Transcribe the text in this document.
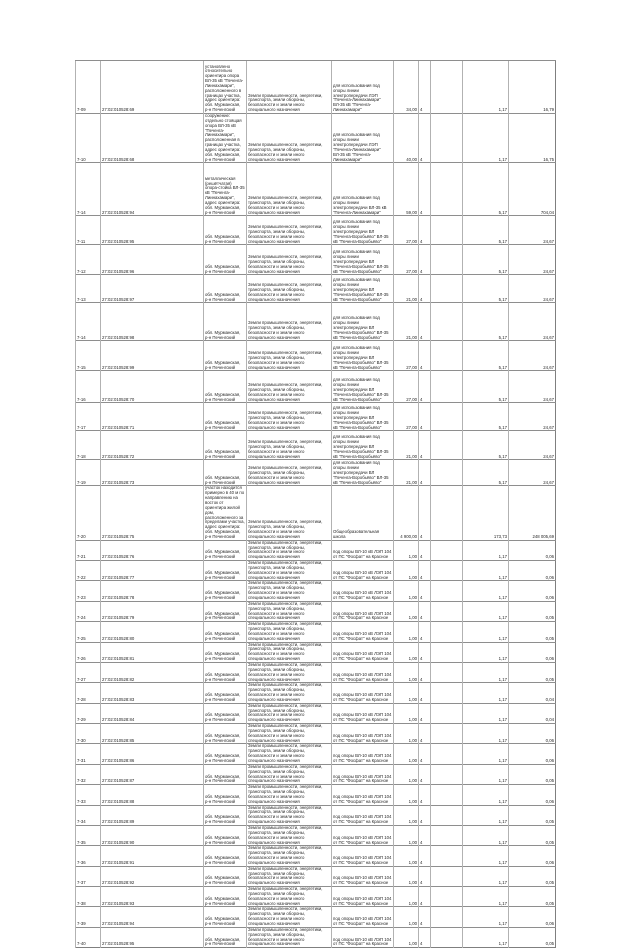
7-09	27:02:010528:69	установлено относительно ориентира опора ВЛ-35 кВ "Печенга-Лиинахамари", расположенного в границах участка, адрес ориентира: обл. Мурманская, р-н Печенгский	Земли промышленности, энергетики, транспорта, земли обороны, безопасности и земли иного специального назначения	для использования под опоры линии электропередачи ЛЭП "Печенга-Лиинахамари" ВЛ-35 кВ "Печенга-Лиинахамари"	34,00	4		1,17	16,79
7-10	27:02:010528:68	сооружение: отдельно стоящая опора ВЛ-35 кВ "Печенга-Лиинахамари", расположенная в границах участка, адрес ориентира: обл. Мурманская, р-н Печенгский	Земли промышленности, энергетики, транспорта, земли обороны, безопасности и земли иного специального назначения	для использования под опоры линии электропередачи ЛЭП "Печенга-Лиинахамари" ВЛ-35 кВ "Печенга-Лиинахамари"	40,00	4		1,17	16,75
7-14	27:02:010528:94	металлическая (решётчатая) опора-стойка ВЛ-35 кВ "Печенга-Лиинахамари", адрес ориентира: обл. Мурманская, р-н Печенгский	Земли промышленности, энергетики, транспорта, земли обороны, безопасности и земли иного специального назначения	для использования под опоры линии электропередачи ВЛ-35 кВ "Печенга-Лиинахамари"	59,00	4		5,17	704,04
7-11	27:02:010528:95	обл. Мурманская, р-н Печенгский	Земли промышленности, энергетики, транспорта, земли обороны, безопасности и земли иного специального назначения	для использования под опоры линии электропередачи ВЛ "Печенга-Воробьёво" ВЛ-35 кВ "Печенга-Воробьёво"	27,00	4		5,17	24,67
7-12	27:02:010528:96	обл. Мурманская, р-н Печенгский	Земли промышленности, энергетики, транспорта, земли обороны, безопасности и земли иного специального назначения	для использования под опоры линии электропередачи ВЛ "Печенга-Воробьёво" ВЛ-35 кВ "Печенга-Воробьёво"	27,00	4		5,17	24,67
7-13	27:02:010528:97	обл. Мурманская, р-н Печенгский	Земли промышленности, энергетики, транспорта, земли обороны, безопасности и земли иного специального назначения	для использования под опоры линии электропередачи ВЛ "Печенга-Воробьёво" ВЛ-35 кВ "Печенга-Воробьёво"	21,00	4		5,17	24,67
7-14	27:02:010528:98	обл. Мурманская, р-н Печенгский	Земли промышленности, энергетики, транспорта, земли обороны, безопасности и земли иного специального назначения	для использования под опоры линии электропередачи ВЛ "Печенга-Воробьёво" ВЛ-35 кВ "Печенга-Воробьёво"	21,00	4		5,17	24,67
7-15	27:02:010528:99	обл. Мурманская, р-н Печенгский	Земли промышленности, энергетики, транспорта, земли обороны, безопасности и земли иного специального назначения	для использования под опоры линии электропередачи ВЛ "Печенга-Воробьёво" ВЛ-35 кВ "Печенга-Воробьёво"	27,00	4		5,17	24,67
7-16	27:02:010528:70	обл. Мурманская, р-н Печенгский	Земли промышленности, энергетики, транспорта, земли обороны, безопасности и земли иного специального назначения	для использования под опоры линии электропередачи ВЛ "Печенга-Воробьёво" ВЛ-35 кВ "Печенга-Воробьёво"	27,00	4		5,17	24,67
7-17	27:02:010528:71	обл. Мурманская, р-н Печенгский	Земли промышленности, энергетики, транспорта, земли обороны, безопасности и земли иного специального назначения	для использования под опоры линии электропередачи ВЛ "Печенга-Воробьёво" ВЛ-35 кВ "Печенга-Воробьёво"	27,00	4		5,17	24,67
7-18	27:02:010528:72	обл. Мурманская, р-н Печенгский	Земли промышленности, энергетики, транспорта, земли обороны, безопасности и земли иного специального назначения	для использования под опоры линии электропередачи ВЛ "Печенга-Воробьёво" ВЛ-35 кВ "Печенга-Воробьёво"	21,00	4		5,17	24,67
7-19	27:02:010528:73	обл. Мурманская, р-н Печенгский	Земли промышленности, энергетики, транспорта, земли обороны, безопасности и земли иного специального назначения	для использования под опоры линии электропередачи ВЛ "Печенга-Воробьёво" ВЛ-35 кВ "Печенга-Воробьёво"	21,00	4		5,17	24,67
7-20	27:02:010528:75	участок находится примерно в 40 м по направлению на восток от ориентира жилой дом, расположенного за пределами участка, адрес ориентира: обл. Мурманская, р-н Печенгский	Земли промышленности, энергетики, транспорта, земли обороны, безопасности и земли иного специального назначения	Общеобразовательная школа	4 900,00	4		173,73	248 005,69
7-21	27:02:010528:76	обл. Мурманская, р-н Печенгский	Земли промышленности, энергетики, транспорта, земли обороны, безопасности и земли иного специального назначения	под опоры ВЛ-10 кВ ЛЭП 104 от ПС "Фосфат" на Красное	1,00	4		1,17	0,06
7-22	27:02:010528:77	обл. Мурманская, р-н Печенгский	Земли промышленности, энергетики, транспорта, земли обороны, безопасности и земли иного специального назначения	под опоры ВЛ-10 кВ ЛЭП 104 от ПС "Фосфат" на Красное	1,00	4		1,17	0,06
7-23	27:02:010528:78	обл. Мурманская, р-н Печенгский	Земли промышленности, энергетики, транспорта, земли обороны, безопасности и земли иного специального назначения	под опоры ВЛ-10 кВ ЛЭП 104 от ПС "Фосфат" на Красное	1,00	4		1,17	0,06
7-24	27:02:010528:79	обл. Мурманская, р-н Печенгский	Земли промышленности, энергетики, транспорта, земли обороны, безопасности и земли иного специального назначения	под опоры ВЛ-10 кВ ЛЭП 104 от ПС "Фосфат" на Красное	1,00	4		1,17	0,05
7-25	27:02:010528:80	обл. Мурманская, р-н Печенгский	Земли промышленности, энергетики, транспорта, земли обороны, безопасности и земли иного специального назначения	под опоры ВЛ-10 кВ ЛЭП 104 от ПС "Фосфат" на Красное	1,00	4		1,17	0,05
7-26	27:02:010528:81	обл. Мурманская, р-н Печенгский	Земли промышленности, энергетики, транспорта, земли обороны, безопасности и земли иного специального назначения	под опоры ВЛ-10 кВ ЛЭП 104 от ПС "Фосфат" на Красное	1,00	4		1,17	0,06
7-27	27:02:010528:82	обл. Мурманская, р-н Печенгский	Земли промышленности, энергетики, транспорта, земли обороны, безопасности и земли иного специального назначения	под опоры ВЛ-10 кВ ЛЭП 104 от ПС "Фосфат" на Красное	1,00	4		1,17	0,05
7-28	27:02:010528:83	обл. Мурманская, р-н Печенгский	Земли промышленности, энергетики, транспорта, земли обороны, безопасности и земли иного специального назначения	под опоры ВЛ-10 кВ ЛЭП 104 от ПС "Фосфат" на Красное	1,00	4		1,17	0,04
7-29	27:02:010528:84	обл. Мурманская, р-н Печенгский	Земли промышленности, энергетики, транспорта, земли обороны, безопасности и земли иного специального назначения	под опоры ВЛ-10 кВ ЛЭП 104 от ПС "Фосфат" на Красное	1,00	4		1,17	0,04
7-30	27:02:010528:85	обл. Мурманская, р-н Печенгский	Земли промышленности, энергетики, транспорта, земли обороны, безопасности и земли иного специального назначения	под опоры ВЛ-10 кВ ЛЭП 104 от ПС "Фосфат" на Красное	1,00	4		1,17	0,06
7-31	27:02:010528:86	обл. Мурманская, р-н Печенгский	Земли промышленности, энергетики, транспорта, земли обороны, безопасности и земли иного специального назначения	под опоры ВЛ-10 кВ ЛЭП 104 от ПС "Фосфат" на Красное	1,00	4		1,17	0,06
7-32	27:02:010528:87	обл. Мурманская, р-н Печенгский	Земли промышленности, энергетики, транспорта, земли обороны, безопасности и земли иного специального назначения	под опоры ВЛ-10 кВ ЛЭП 104 от ПС "Фосфат" на Красное	1,00	4		1,17	0,05
7-33	27:02:010528:88	обл. Мурманская, р-н Печенгский	Земли промышленности, энергетики, транспорта, земли обороны, безопасности и земли иного специального назначения	под опоры ВЛ-10 кВ ЛЭП 104 от ПС "Фосфат" на Красное	1,00	4		1,17	0,06
7-34	27:02:010528:89	обл. Мурманская, р-н Печенгский	Земли промышленности, энергетики, транспорта, земли обороны, безопасности и земли иного специального назначения	под опоры ВЛ-10 кВ ЛЭП 104 от ПС "Фосфат" на Красное	1,00	4		1,17	0,05
7-35	27:02:010528:90	обл. Мурманская, р-н Печенгский	Земли промышленности, энергетики, транспорта, земли обороны, безопасности и земли иного специального назначения	под опоры ВЛ-10 кВ ЛЭП 104 от ПС "Фосфат" на Красное	1,00	4		1,17	0,05
7-36	27:02:010528:91	обл. Мурманская, р-н Печенгский	Земли промышленности, энергетики, транспорта, земли обороны, безопасности и земли иного специального назначения	под опоры ВЛ-10 кВ ЛЭП 104 от ПС "Фосфат" на Красное	1,00	4		1,17	0,06
7-37	27:02:010528:92	обл. Мурманская, р-н Печенгский	Земли промышленности, энергетики, транспорта, земли обороны, безопасности и земли иного специального назначения	под опоры ВЛ-10 кВ ЛЭП 104 от ПС "Фосфат" на Красное	1,00	4		1,17	0,05
7-38	27:02:010528:93	обл. Мурманская, р-н Печенгский	Земли промышленности, энергетики, транспорта, земли обороны, безопасности и земли иного специального назначения	под опоры ВЛ-10 кВ ЛЭП 104 от ПС "Фосфат" на Красное	1,00	4		1,17	0,05
7-39	27:02:010528:94	обл. Мурманская, р-н Печенгский	Земли промышленности, энергетики, транспорта, земли обороны, безопасности и земли иного специального назначения	под опоры ВЛ-10 кВ ЛЭП 104 от ПС "Фосфат" на Красное	1,00	4		1,17	0,06
7-40	27:02:010528:95	обл. Мурманская, р-н Печенгский	Земли промышленности, энергетики, транспорта, земли обороны, безопасности и земли иного специального назначения	под опоры ВЛ-10 кВ ЛЭП 104 от ПС "Фосфат" на Красное	1,00	4		1,17	0,05
